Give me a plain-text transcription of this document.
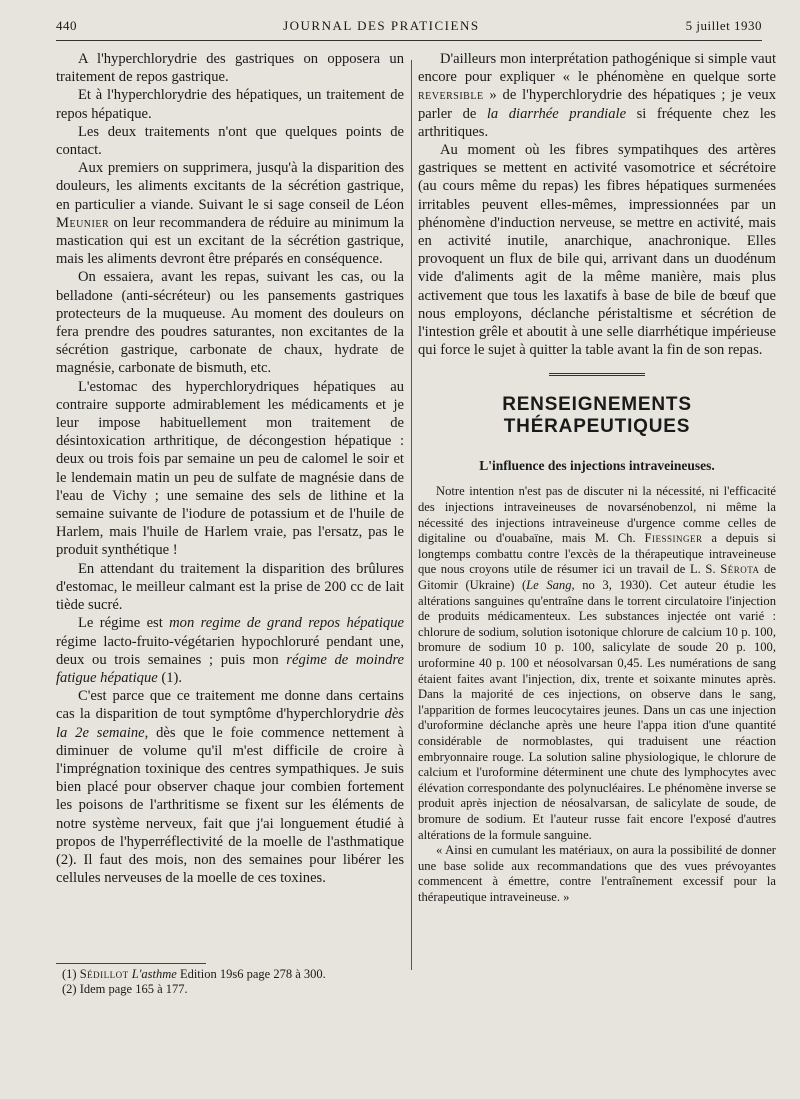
440	JOURNAL DES PRATICIENS	5 juillet 1930

A l'hyperchlorydrie des gastriques on opposera un traitement de repos gastrique.

Et à l'hyperchlorydrie des hépatiques, un traitement de repos hépatique.

Les deux traitements n'ont que quelques points de contact.

Aux premiers on supprimera, jusqu'à la disparition des douleurs, les aliments excitants de la sécrétion gastrique, en particulier a viande. Suivant le si sage conseil de Léon Meunier on leur recommandera de réduire au minimum la mastication qui est un excitant de la sécrétion gastrique, mais les aliments devront être préparés en conséquence.

On essaiera, avant les repas, suivant les cas, ou la belladone (anti-sécréteur) ou les pansements gastriques protecteurs de la muqueuse. Au moment des douleurs on fera prendre des poudres saturantes, non excitantes de la sécrétion gastrique, carbonate de chaux, hydrate de magnésie, carbonate de bismuth, etc.

L'estomac des hyperchlorydriques hépatiques au contraire supporte admirablement les médicaments et je leur impose habituellement mon traitement de désintoxication arthritique, de décongestion hépatique : deux ou trois fois par semaine un peu de calomel le soir et le lendemain matin un peu de sulfate de magnésie dans de l'eau de Vichy ; une semaine des sels de lithine et la semaine suivante de l'iodure de potassium et de l'huile de Harlem, mais l'huile de Harlem vraie, pas l'ersatz, pas le produit synthétique !

En attendant du traitement la disparition des brûlures d'estomac, le meilleur calmant est la prise de 200 cc de lait tiède sucré.

Le régime est mon regime de grand repos hépatique régime lacto-fruito-végétarien hypochloruré pendant une, deux ou trois semaines ; puis mon régime de moindre fatigue hépatique (1).

C'est parce que ce traitement me donne dans certains cas la disparition de tout symptôme d'hyperchlorydrie dès la 2e semaine, dès que le foie commence nettement à diminuer de volume qu'il m'est difficile de croire à l'imprégnation toxinique des centres sympathiques. Je suis bien placé pour observer chaque jour combien fortement les poisons de l'arthritisme se fixent sur les éléments de notre système nerveux, fait que j'ai longuement étudié à propos de l'hyperréflectivité de la moelle de l'asthmatique (2). Il faut des mois, non des semaines pour libérer les cellules nerveuses de la moelle de ces toxines.

(1) Sédillot L'asthme Edition 19s6 page 278 à 300.
(2) Idem page 165 à 177.

D'ailleurs mon interprétation pathogénique si simple vaut encore pour expliquer « le phénomène en quelque sorte reversible » de l'hyperchlorydrie des hépatiques ; je veux parler de la diarrhée prandiale si fréquente chez les arthritiques.

Au moment où les fibres sympatihques des artères gastriques se mettent en activité vasomotrice et sécrétoire (au cours même du repas) les fibres hépatiques surmenées irritables peuvent elles-mêmes, impressionnées par un phénomène d'induction nerveuse, se mettre en activité, mais en activité inutile, anarchique, anachronique. Elles provoquent un flux de bile qui, arrivant dans un duodénum vide d'aliments agit de la même manière, mais plus activement que tous les laxatifs à base de bile de bœuf que nous employons, déclanche péristaltisme et sécrétion de l'intestion grêle et aboutit à une selle diarrhétique impérieuse qui force le sujet à quitter la table avant la fin de son repas.

RENSEIGNEMENTS THÉRAPEUTIQUES
L'influence des injections intraveineuses.

Notre intention n'est pas de discuter ni la nécessité, ni l'efficacité des injections intraveineuses de novarsénobenzol, ni même la nécessité des injections intraveineuse d'urgence comme celles de digitaline ou d'ouabaïne, mais M. Ch. Fiessinger a depuis si longtemps combattu contre l'excès de la thérapeutique intraveineuse que nous croyons utile de résumer ici un travail de L. S. Sérota de Gitomir (Ukraine) (Le Sang, no 3, 1930). Cet auteur étudie les altérations sanguines qu'entraîne dans le torrent circulatoire l'injection de produits médicamenteux. Les substances injectée ont varié : chlorure de sodium, solution isotonique chlorure de calcium 10 p. 100, bromure de sodium 10 p. 100, salicylate de soude 20 p. 100, uroformine 40 p. 100 et néosolvarsan 0,45. Les numérations de sang étaient faites avant l'injection, dix, trente et soixante minutes après. Dans la majorité de ces injections, on observe dans le sang, l'apparition de formes leucocytaires jeunes. Dans un cas une injection d'uroformine déclanche après une heure l'appa ition d'une quantité considérable de normoblastes, qui traduisent une réaction embryonnaire rouge. La solution saline physiologique, le chlorure de calcium et l'uroformine déterminent une chute des lymphocytes avec élévation correspondante des polynucléaires. Le phénomène inverse se produit après injection de néosalvarsan, de salicylate de soude, de bromure de sodium. Et l'auteur russe fait encore l'exposé d'autres altérations de la formule sanguine.

« Ainsi en cumulant les matériaux, on aura la possibilité de donner une base solide aux recommandations que des vues prévoyantes commencent à émettre, contre l'entraînement excessif pour la thérapeutique intraveineuse. »
